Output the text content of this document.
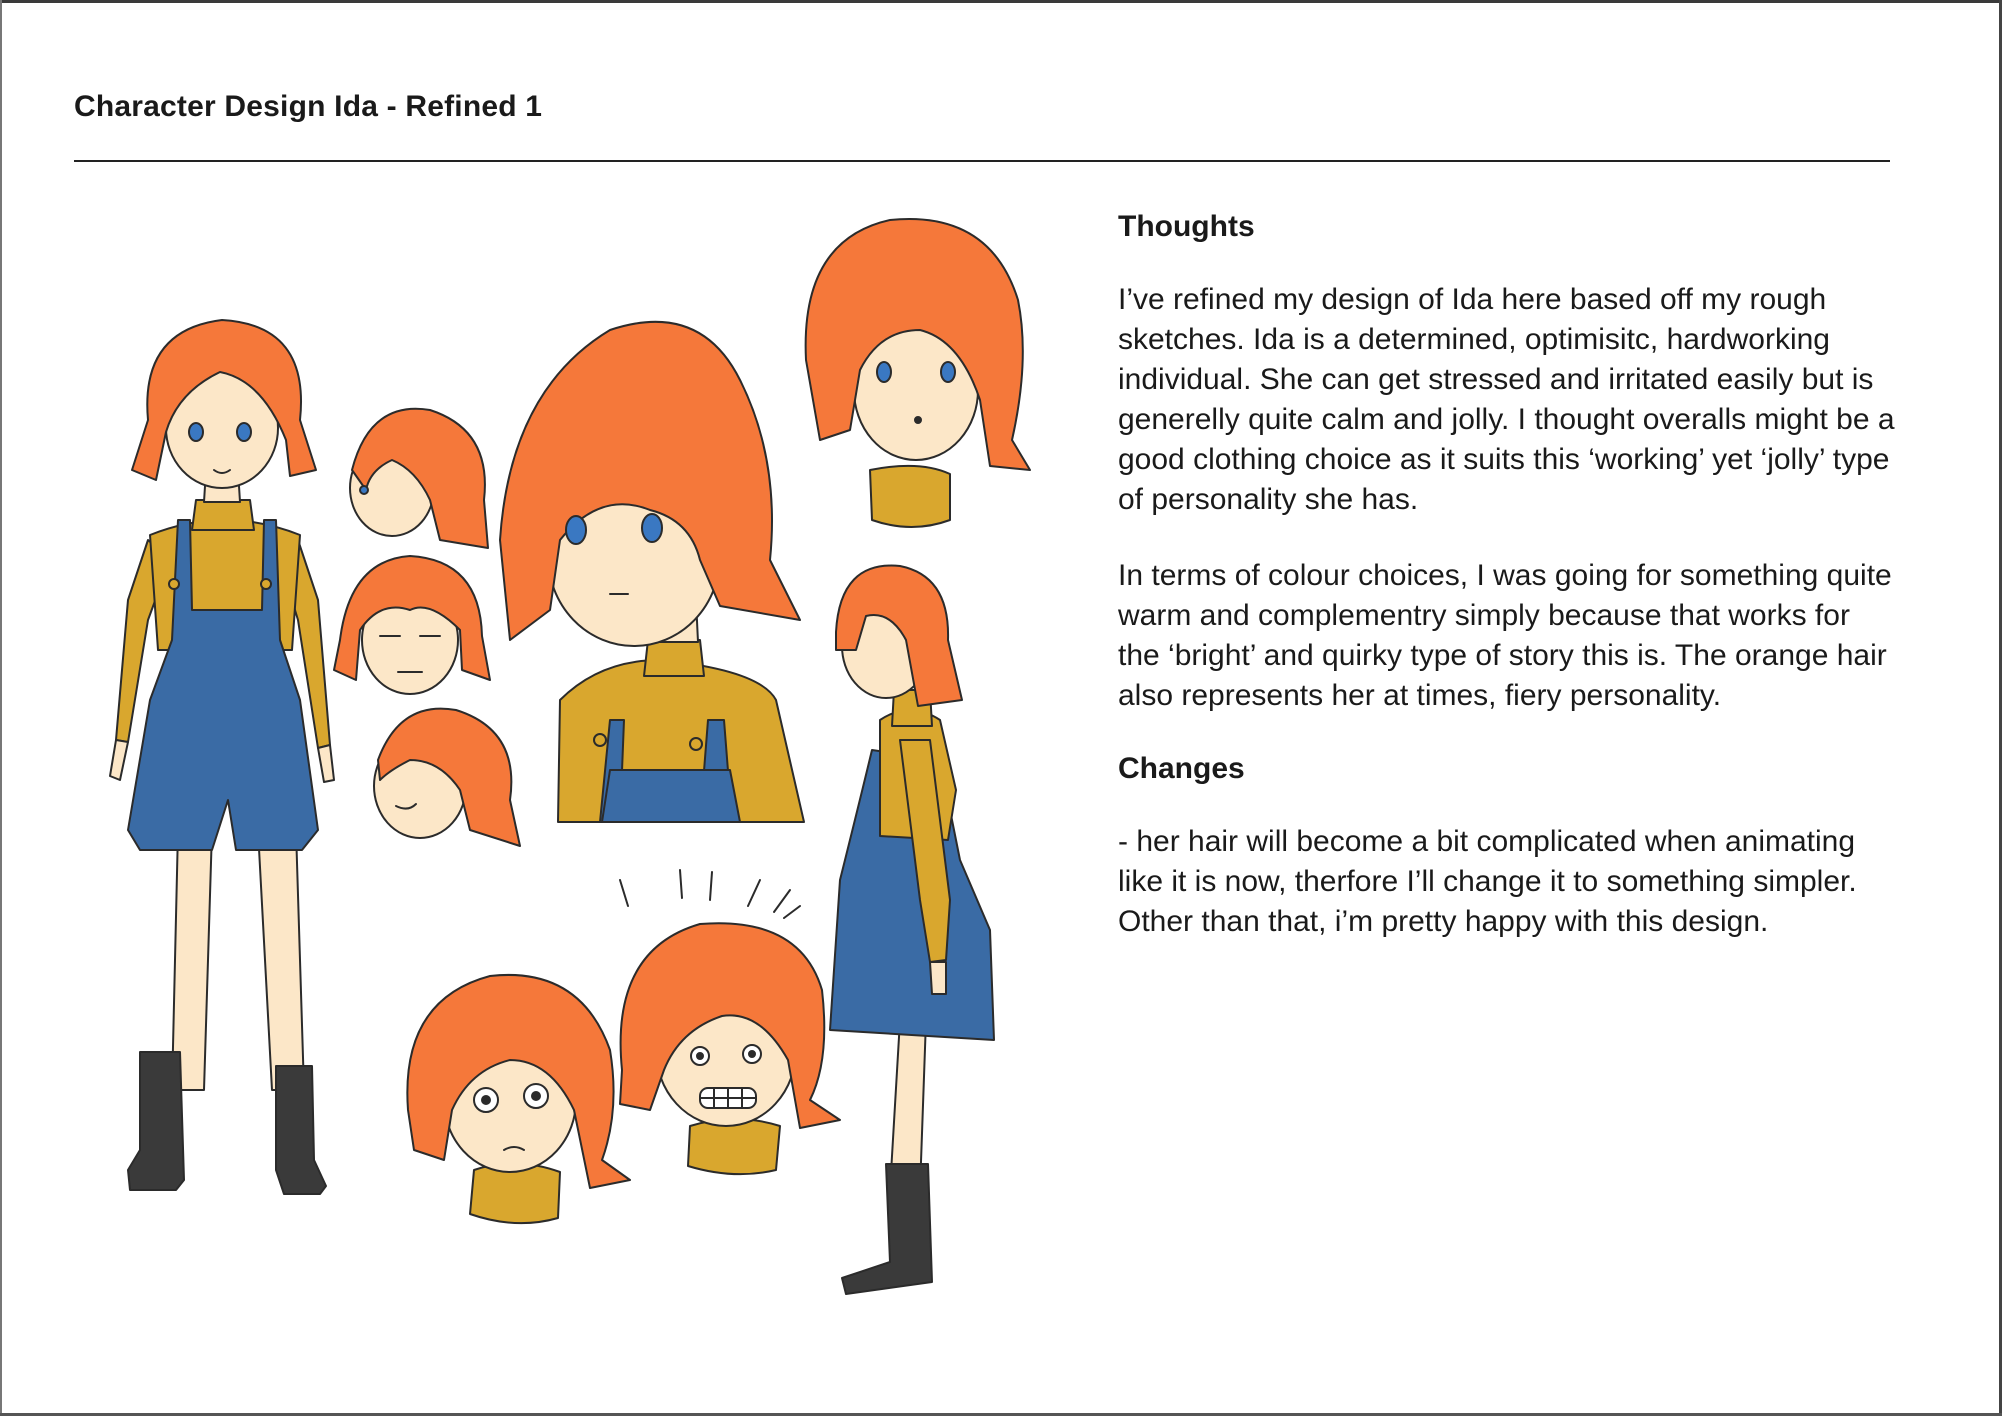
Character Design Ida - Refined 1
Thoughts

I’ve refined my design of Ida here based off my rough sketches. Ida is a determined, optimisitc, hardworking individual. She can get stressed and irritated easily but is generelly quite calm and jolly. I thought overalls might be a good clothing choice as it suits this ‘working’ yet ‘jolly’ type of personality she has.

In terms of colour choices, I was going for something quite warm and complementry simply because that works for the ‘bright’ and quirky type of story this is. The orange hair also represents her at times, fiery personality.

Changes

- her hair will become a bit complicated when animating like it is now, therfore I’ll change it to something simpler. Other than that, i’m pretty happy with this design.
